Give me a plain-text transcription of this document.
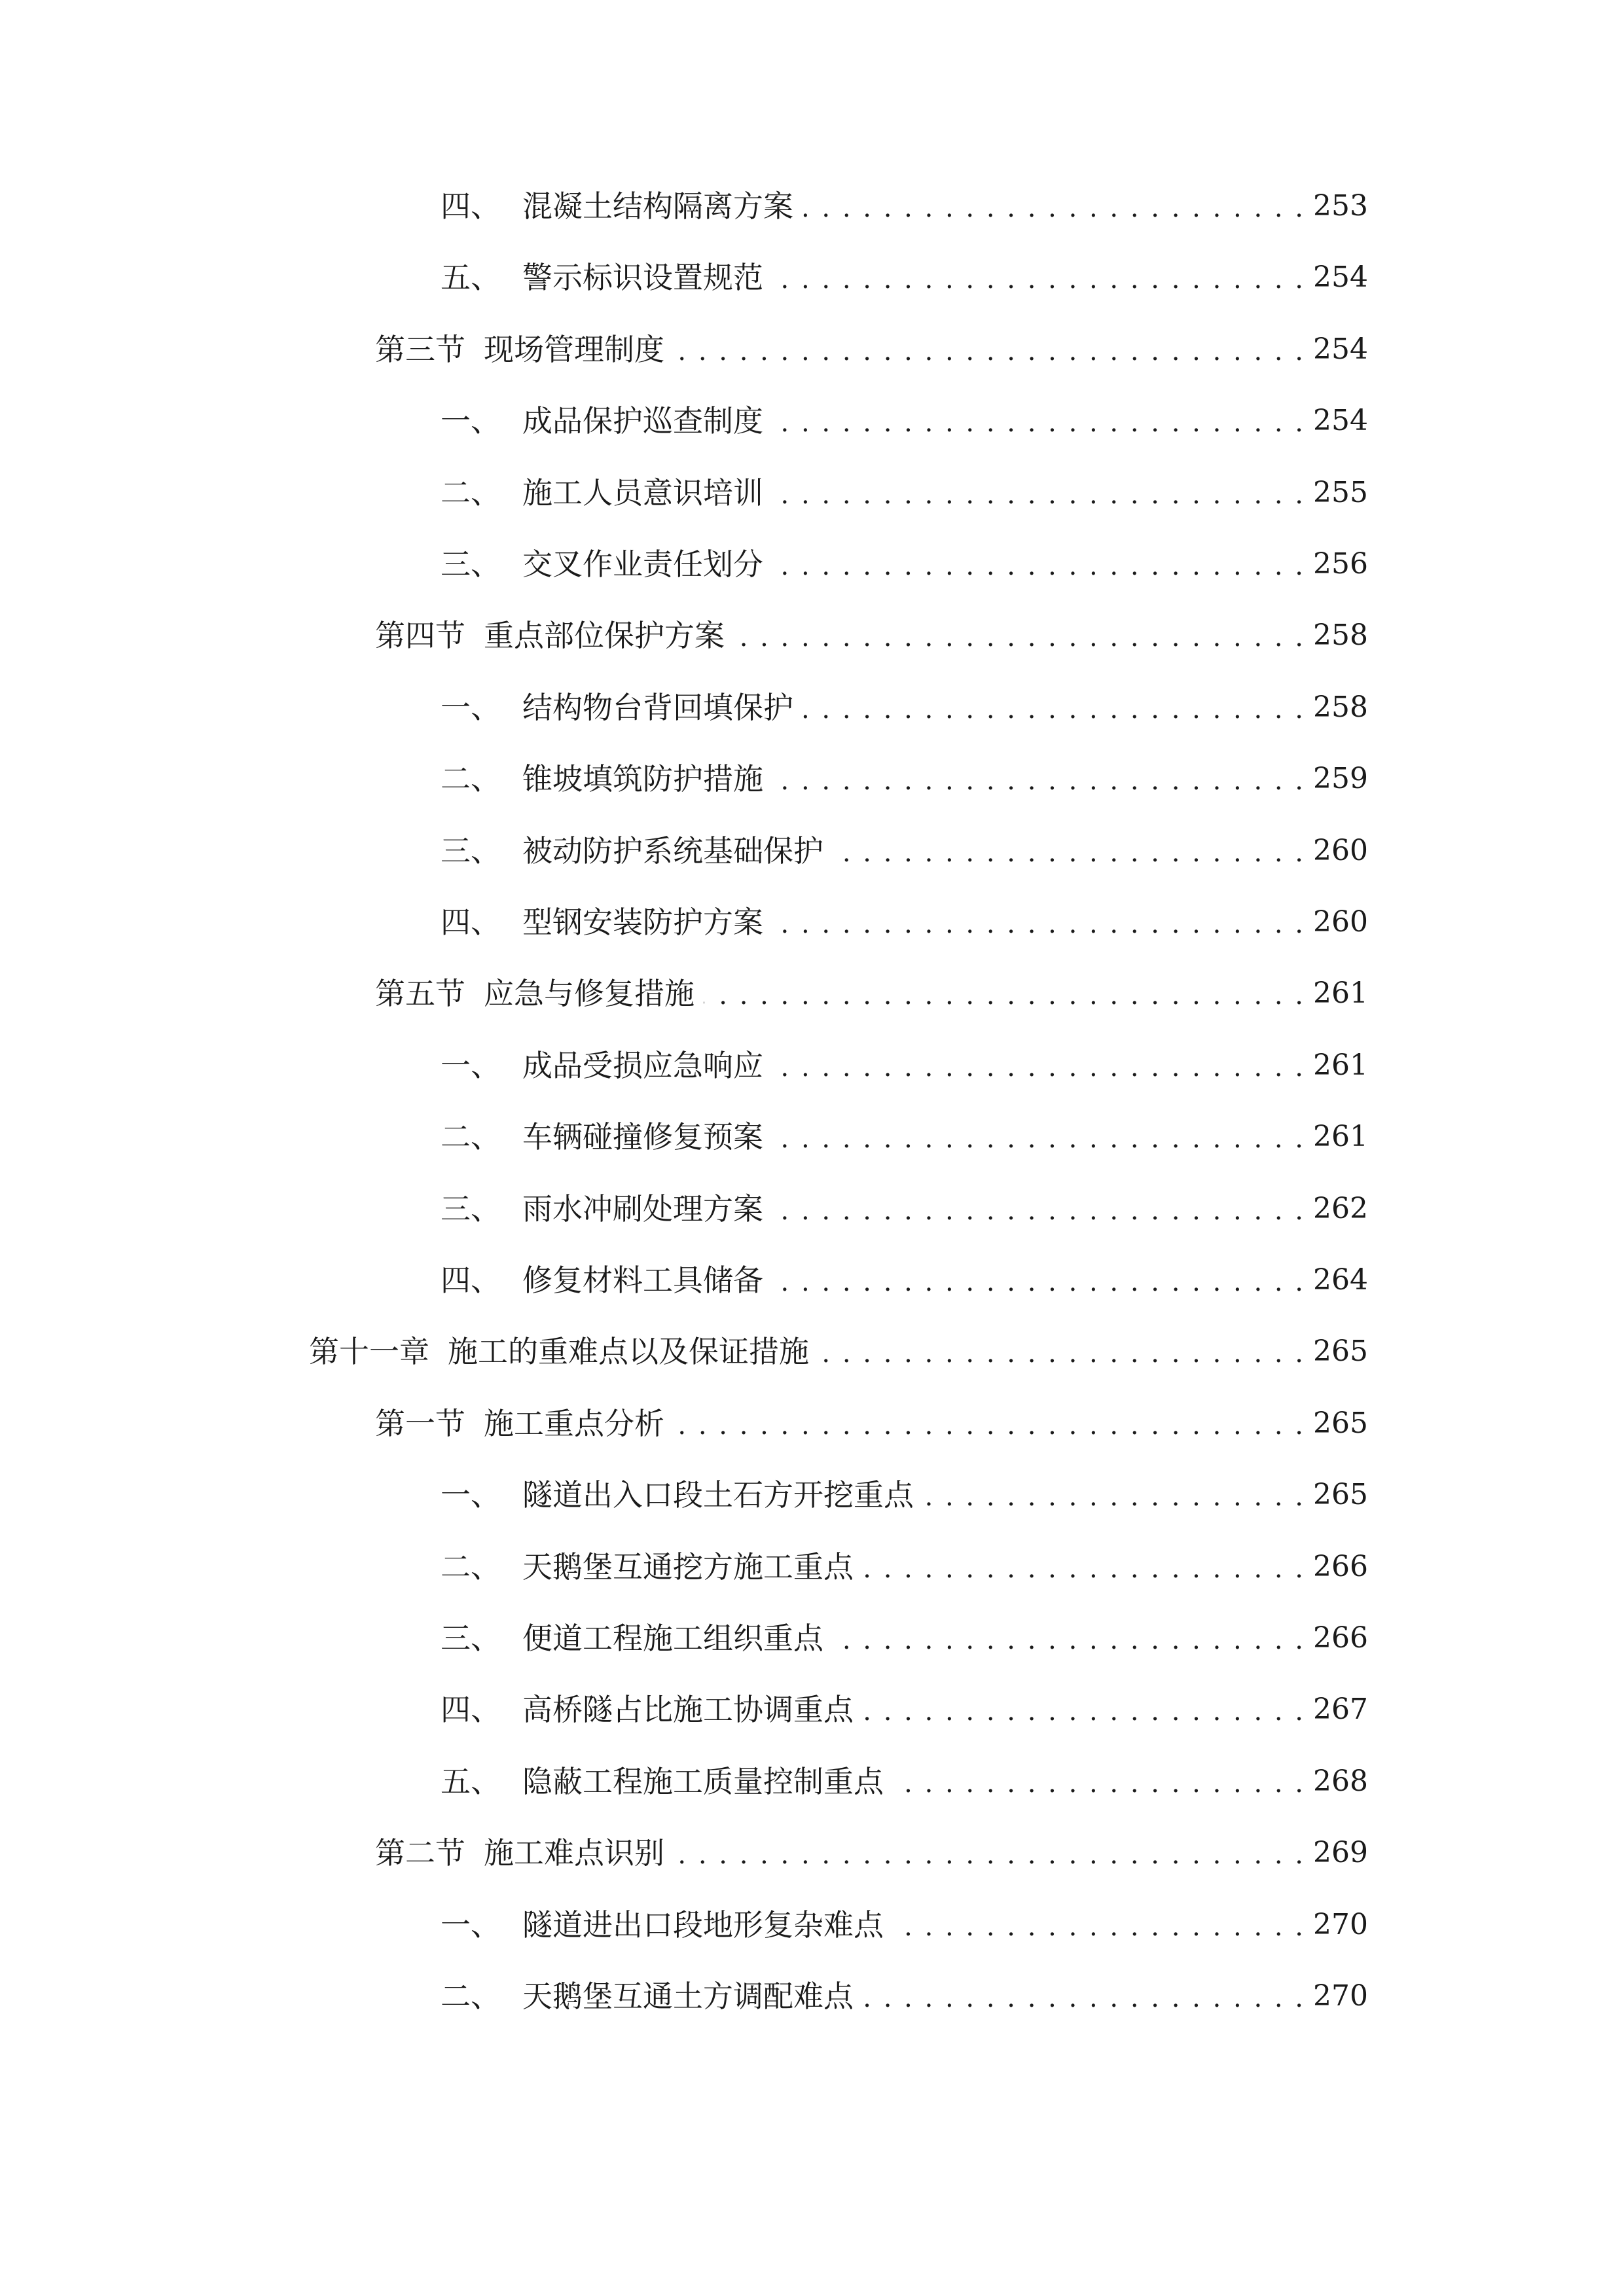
四、 混凝土结构隔离方案 . . .	253
五、 警示标识设置规范 . . .	254
第三节 现场管理制度 . . .	254
一、 成品保护巡查制度 . . .	254
二、 施工人员意识培训 . . .	255
三、 交叉作业责任划分 . . .	256
第四节 重点部位保护方案 . . .	258
一、 结构物台背回填保护 . . .	258
二、 锥坡填筑防护措施 . . .	259
三、 被动防护系统基础保护 . . .	260
四、 型钢安装防护方案 . . .	260
第五节 应急与修复措施 . . .	261
一、 成品受损应急响应 . . .	261
二、 车辆碰撞修复预案 . . .	261
三、 雨水冲刷处理方案 . . .	262
四、 修复材料工具储备 . . .	264
第十一章 施工的重难点以及保证措施 . . .	265
第一节 施工重点分析 . . .	265
一、 隧道出入口段土石方开挖重点 . . .	265
二、 天鹅堡互通挖方施工重点 . . .	266
三、 便道工程施工组织重点 . . .	266
四、 高桥隧占比施工协调重点 . . .	267
五、 隐蔽工程施工质量控制重点 . . .	268
第二节 施工难点识别 . . .	269
一、 隧道进出口段地形复杂难点 . . .	270
二、 天鹅堡互通土方调配难点 . . .	270
